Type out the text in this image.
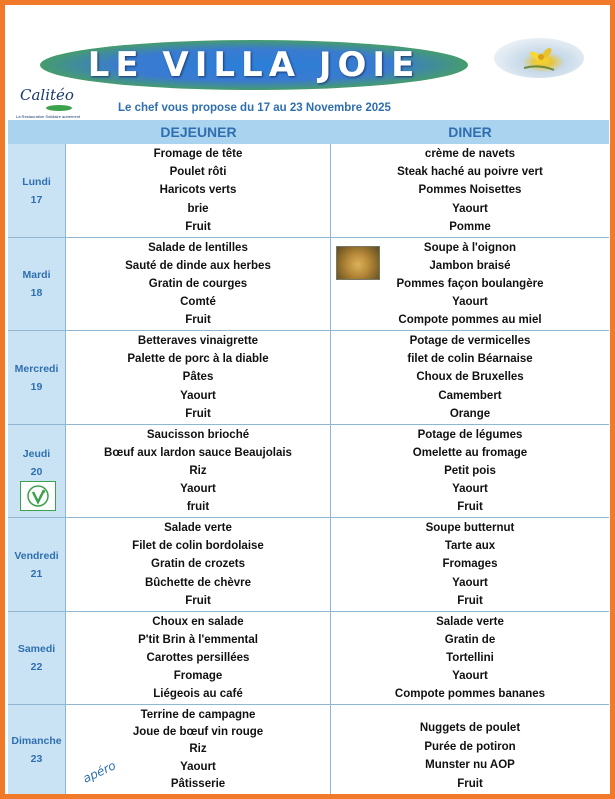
LE VILLA JOIE
Calitéo
La Restauration Solidaire autrement
Le chef vous propose du 17 au 23 Novembre 2025
DEJEUNER	DINER
Lundi
17
Fromage de tête
Poulet rôti
Haricots verts
brie
Fruit
crème de navets
Steak haché au poivre vert
Pommes Noisettes
Yaourt
Pomme
Mardi
18
Salade de lentilles
Sauté de dinde aux herbes
Gratin de courges
Comté
Fruit
Soupe à l'oignon
Jambon braisé
Pommes façon boulangère
Yaourt
Compote pommes au miel
Mercredi
19
Betteraves vinaigrette
Palette de porc à la diable
Pâtes
Yaourt
Fruit
Potage de vermicelles
filet de colin Béarnaise
Choux de Bruxelles
Camembert
Orange
Jeudi
20
Saucisson brioché
Bœuf aux lardon sauce Beaujolais
Riz
Yaourt
fruit
Potage de légumes
Omelette au fromage
Petit pois
Yaourt
Fruit
Vendredi
21
Salade verte
Filet de colin bordolaise
Gratin de crozets
Bûchette de chèvre
Fruit
Soupe butternut
Tarte aux
Fromages
Yaourt
Fruit
Samedi
22
Choux en salade
P'tit Brin à l'emmental
Carottes persillées
Fromage
Liégeois au café
Salade verte
Gratin de
Tortellini
Yaourt
Compote pommes bananes
Dimanche
23	apéro
Terrine de campagne
Joue de bœuf vin rouge
Riz
Yaourt
Pâtisserie
Nuggets de poulet
Purée de potiron
Munster nu AOP
Fruit
